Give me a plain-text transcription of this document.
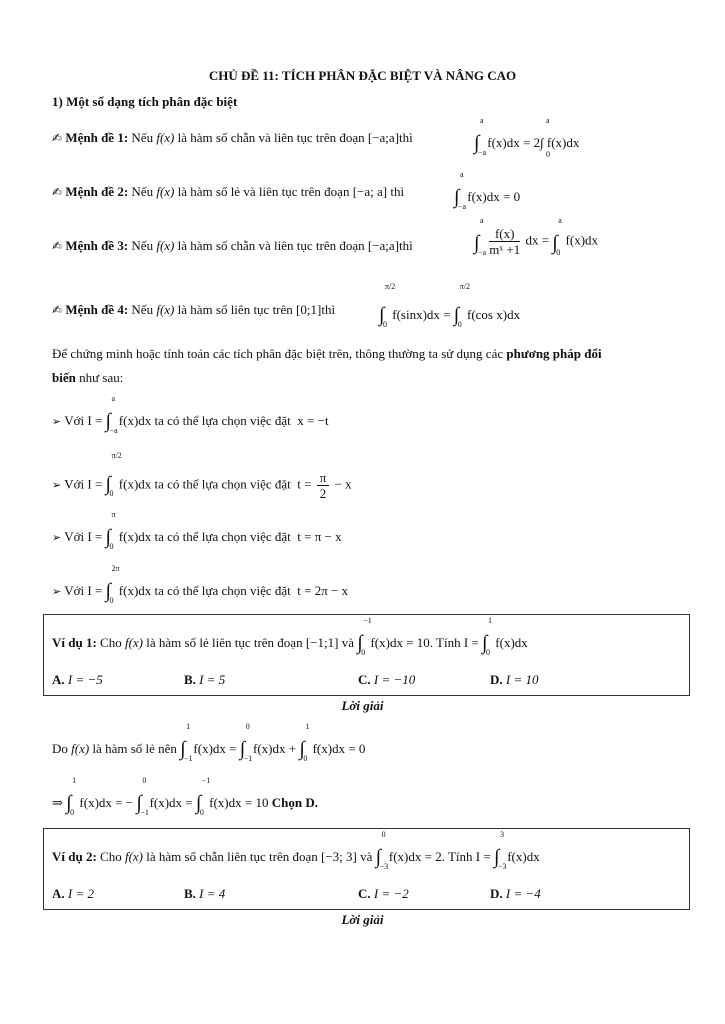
CHỦ ĐỀ 11: TÍCH PHÂN ĐẶC BIỆT VÀ NÂNG CAO
1) Một số dạng tích phân đặc biệt
✍ Mệnh đề 1: Nếu f(x) là hàm số chẵn và liên tục trên đoạn [−a;a]thì	∫
a
−a
f(x)dx = 2∫ f(x)dx
a
0
✍ Mệnh đề 2: Nếu f(x) là hàm số lẻ và liên tục trên đoạn [−a; a] thì ∫
a
−a
f(x)dx = 0
✍ Mệnh đề 3: Nếu f(x) là hàm số chẵn và liên tục trên đoạn [−a;a]thì	∫
a
−a
$\frac{f(x)}{\text{mˣ +1}}$ dx = ∫
a
0
f(x)dx
✍ Mệnh đề 4: Nếu f(x) là hàm số liên tục trên [0;1]thì ∫
π/2
0
f(sinx)dx = ∫
π/2
0
f(cos x)dx
Để chứng minh hoặc tính toán các tích phân đặc biệt trên, thông thường ta sử dụng các phương pháp đổi
biến như sau:
➢ Với I = ∫
a
−a
f(x)dx ta có thể lựa chọn việc đặt x = −t
➢ Với I = ∫
π/2
0
f(x)dx ta có thể lựa chọn việc đặt $t = \frac{\pi}{2} - x$
➢ Với I = ∫
π
0
f(x)dx ta có thể lựa chọn việc đặt t = π − x
➢ Với I = ∫
2π
0
f(x)dx ta có thể lựa chọn việc đặt t = 2π − x
Ví dụ 1: Cho f(x) là hàm số lẻ liên tục trên đoạn [−1;1] và ∫
−1
0
f(x)dx = 10. Tính I = ∫
1
0
f(x)dx
A. I = −5	B. I = 5	C. I = −10	D. I = 10
Lời giải
Do f(x) là hàm số lẻ nên ∫
1
−1
f(x)dx = ∫
0
−1
f(x)dx + ∫
1
0
f(x)dx = 0
⇒ ∫
1
0
f(x)dx = − ∫
0
−1
f(x)dx = ∫
−1
0
f(x)dx = 10 Chọn D.
Ví dụ 2: Cho f(x) là hàm số chẵn liên tục trên đoạn [−3; 3] và ∫
0
−3
f(x)dx = 2. Tính I = ∫
3
−3
f(x)dx
A. I = 2	B. I = 4	C. I = −2	D. I = −4
Lời giải
